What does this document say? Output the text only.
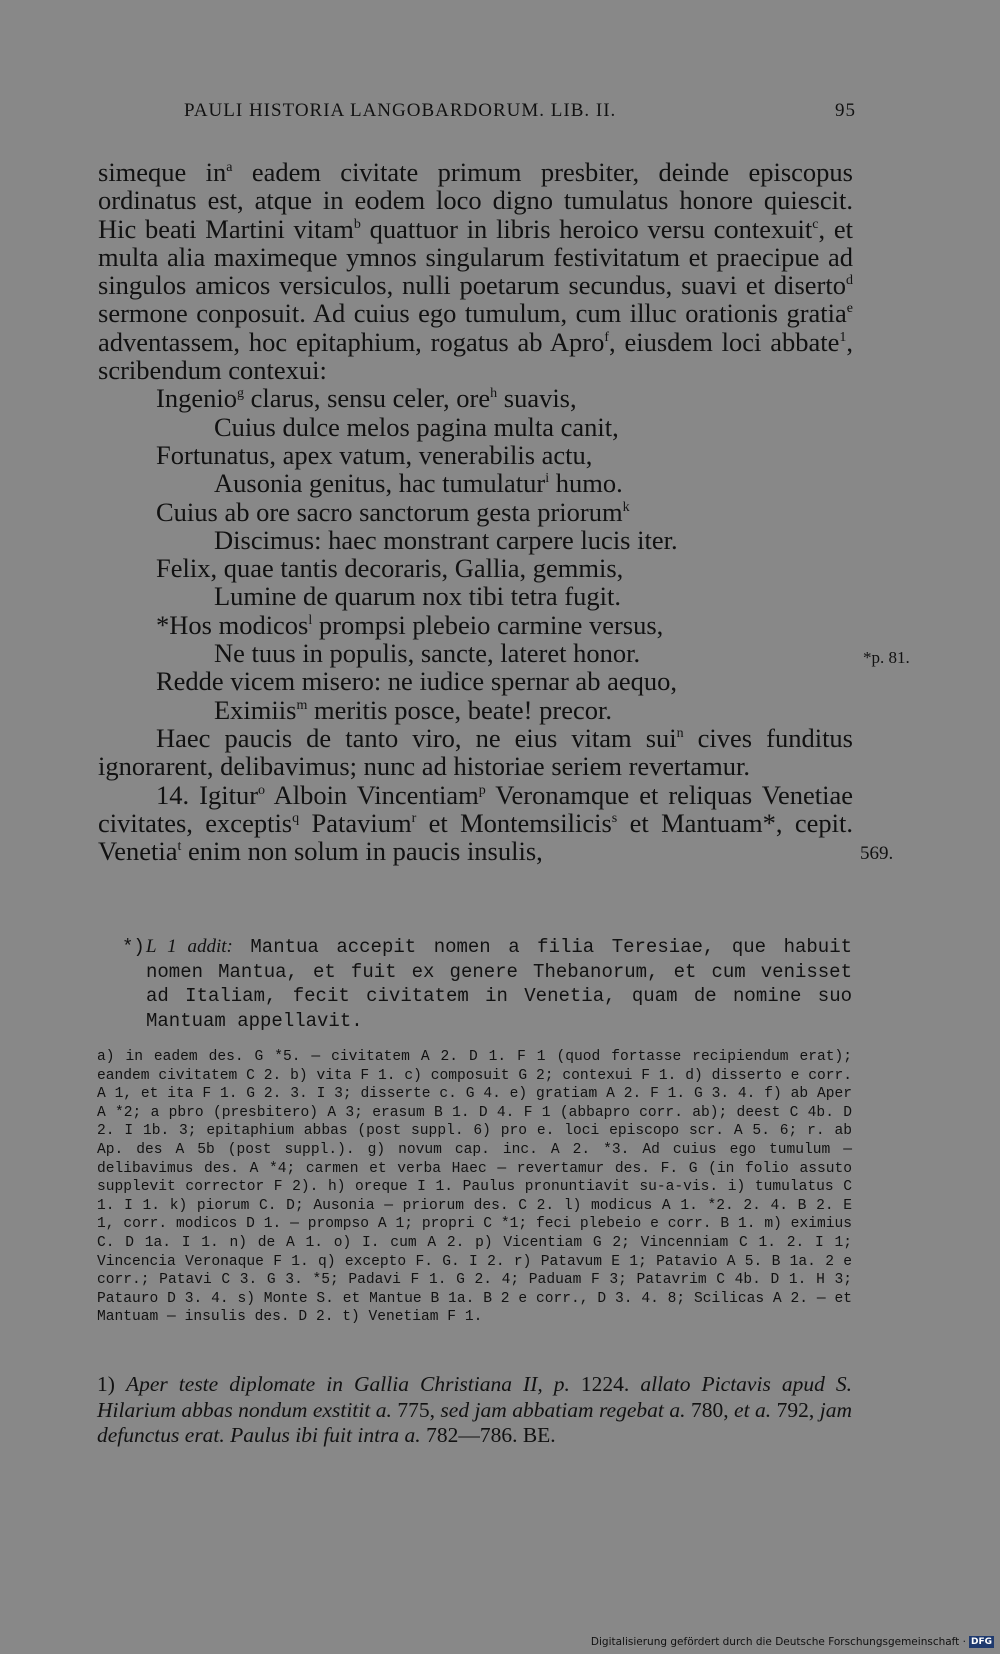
PAULI HISTORIA LANGOBARDORUM. LIB. II.	95

simeque $in^a$ eadem civitate primum presbiter, deinde episcopus ordinatus est, atque in eodem loco digno tumulatus honore quiescit. Hic beati Martini vitam$^b$ quattuor in libris heroico versu contexuit$^c$, et multa alia maximeque ymnos singularum festivitatum et praecipue ad singulos amicos versiculos, nulli poetarum secundus, suavi et diserto$^d$ sermone conposuit. Ad cuius ego tumulum, cum illuc orationis gratia$^e$ adventassem, hoc epitaphium, rogatus ab Apro$^f$, eiusdem loci abbate$^1$, scribendum contexui:

Ingenio$^g$ clarus, sensu celer, ore$^h$ suavis,
Cuius dulce melos pagina multa canit,
Fortunatus, apex vatum, venerabilis actu,
Ausonia genitus, hac tumulatur$^i$ humo.
Cuius ab ore sacro sanctorum gesta priorum$^k$
Discimus: haec monstrant carpere lucis iter.
Felix, quae tantis decoraris, Gallia, gemmis,
Lumine de quarum nox tibi tetra fugit.
*Hos modicos$^l$ prompsi plebeio carmine versus,
Ne tuus in populis, sancte, lateret honor.
Redde vicem misero: ne iudice spernar ab aequo,
Eximiis$^m$ meritis posce, beate! precor.

Haec paucis de tanto viro, ne eius vitam sui$^n$ cives funditus ignorarent, delibavimus; nunc ad historiae seriem revertamur.

14. Igitur$^o$ Alboin Vincentiam$^p$ Veronamque et reliquas Venetiae civitates, exceptis$^q$ Patavium$^r$ et Montemsilicis$^s$ et Mantuam*, cepit. Venetia$^t$ enim non solum in paucis insulis,

*p. 81.
569.
*) L 1 addit: Mantua accepit nomen a filia Teresiae, que habuit nomen Mantua, et fuit ex genere Thebanorum, et cum venisset ad Italiam, fecit civitatem in Venetia, quam de nomine suo Mantuam appellavit.

a) in eadem des. G *5. — civitatem A 2. D 1. F 1 (quod fortasse recipiendum erat); eandem civitatem C 2. b) vita F 1. c) composuit G 2; contexui F 1. d) disserto e corr. A 1, et ita F 1. G 2. 3. I 3; disserte c. G 4. e) gratiam A 2. F 1. G 3. 4. f) ab Aper A *2; a pbro (presbitero) A 3; erasum B 1. D 4. F 1 (abbapro corr. ab); deest C 4b. D 2. I 1b. 3; epitaphium abbas (post suppl. 6) pro e. loci episcopo scr. A 5. 6; r. ab Ap. des A 5b (post suppl.). g) novum cap. inc. A 2. *3. Ad cuius ego tumulum — delibavimus des. A *4; carmen et verba Haec — revertamur des. F. G (in folio assuto supplevit corrector F 2). h) oreque I 1. Paulus pronuntiavit su-a-vis. i) tumulatus C 1. I 1. k) piorum C. D; Ausonia — priorum des. C 2. l) modicus A 1. *2. 2. 4. B 2. E 1, corr. modicos D 1. — prompso A 1; propri C *1; feci plebeio e corr. B 1. m) eximius C. D 1a. I 1. n) de A 1. o) I. cum A 2. p) Vicentiam G 2; Vincenniam C 1. 2. I 1; Vincencia Veronaque F 1. q) excepto F. G. I 2. r) Patavum E 1; Patavio A 5. B 1a. 2 e corr.; Patavi C 3. G 3. *5; Padavi F 1. G 2. 4; Paduam F 3; Patavrim C 4b. D 1. H 3; Patauro D 3. 4. s) Monte S. et Mantue B 1a. B 2 e corr., D 3. 4. 8; Scilicas A 2. — et Mantuam — insulis des. D 2. t) Venetiam F 1.

1) Aper teste diplomate in Gallia Christiana II, p. 1224. allato Pictavis apud S. Hilarium abbas nondum exstitit a. 775, sed jam abbatiam regebat a. 780, et a. 792, jam defunctus erat. Paulus ibi fuit intra a. 782—786. BE.

Digitalisierung gefördert durch die Deutsche Forschungsgemeinschaft · DFG
